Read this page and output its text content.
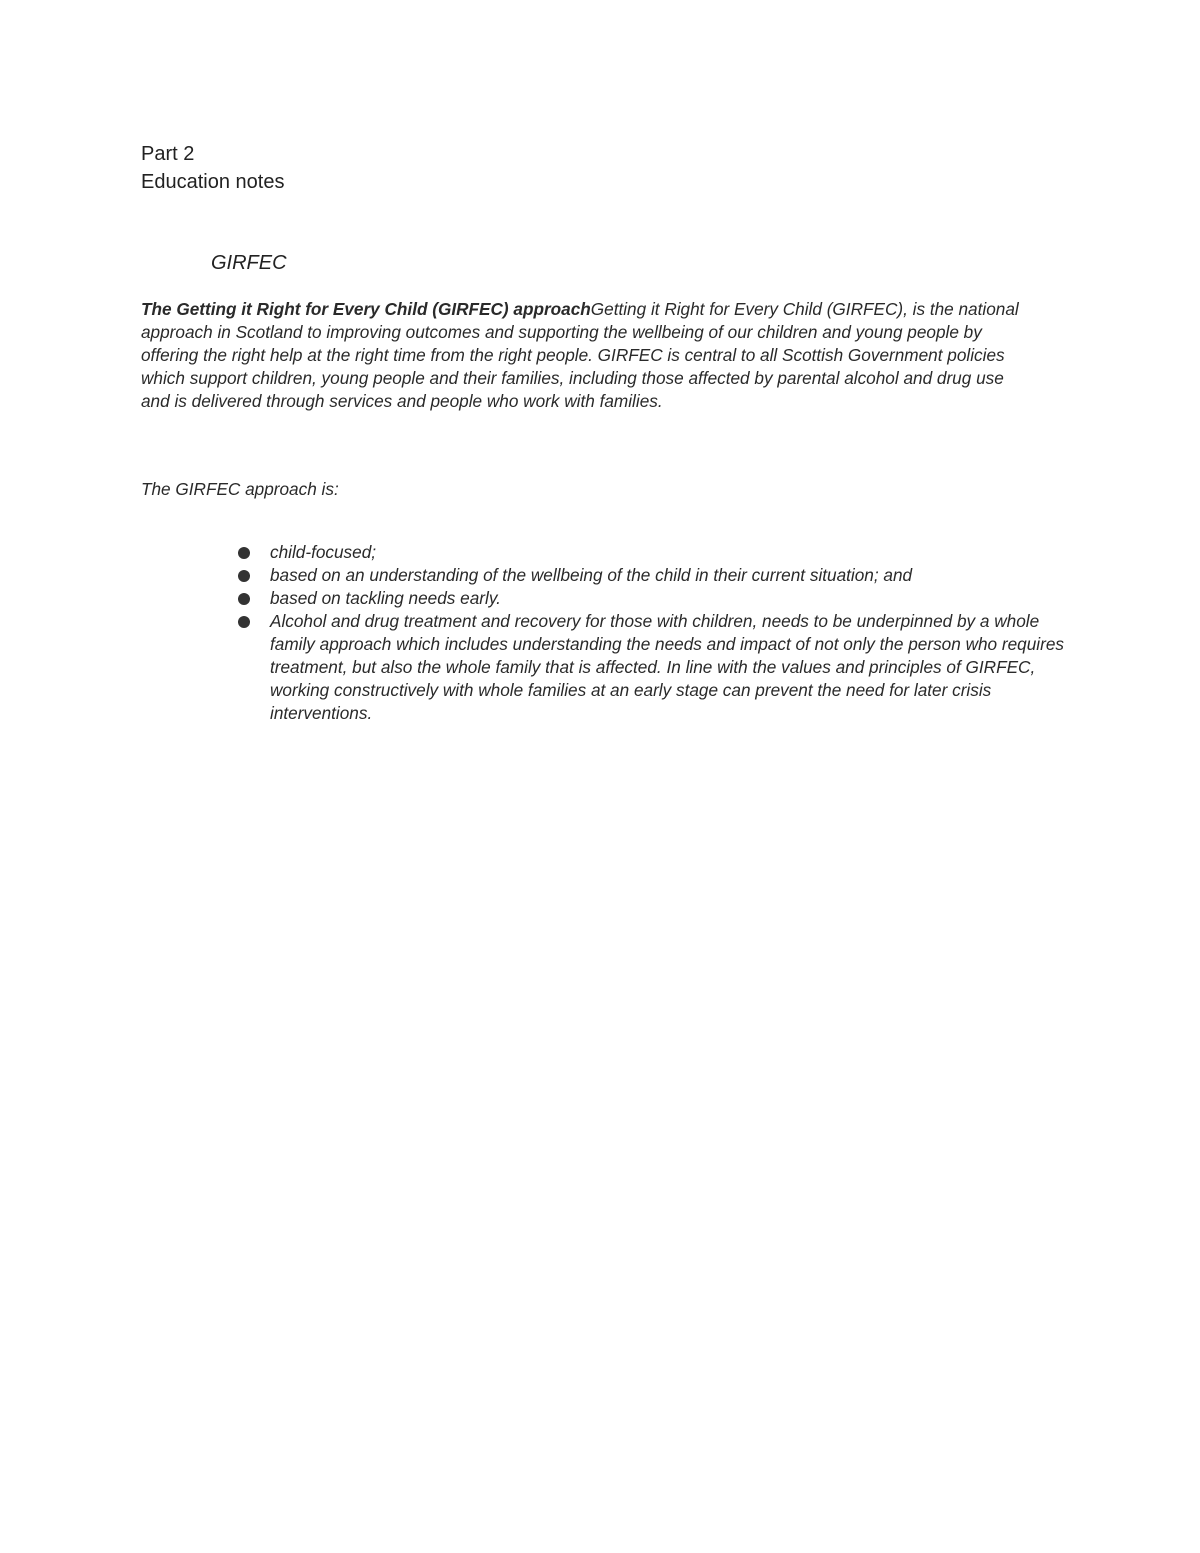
Part 2
Education notes
GIRFEC

The Getting it Right for Every Child (GIRFEC) approachGetting it Right for Every Child (GIRFEC), is the national approach in Scotland to improving outcomes and supporting the wellbeing of our children and young people by offering the right help at the right time from the right people. GIRFEC is central to all Scottish Government policies which support children, young people and their families, including those affected by parental alcohol and drug use and is delivered through services and people who work with families.

The GIRFEC approach is:

child-focused;
based on an understanding of the wellbeing of the child in their current situation; and
based on tackling needs early.
Alcohol and drug treatment and recovery for those with children, needs to be underpinned by a whole family approach which includes understanding the needs and impact of not only the person who requires treatment, but also the whole family that is affected. In line with the values and principles of GIRFEC, working constructively with whole families at an early stage can prevent the need for later crisis interventions.
